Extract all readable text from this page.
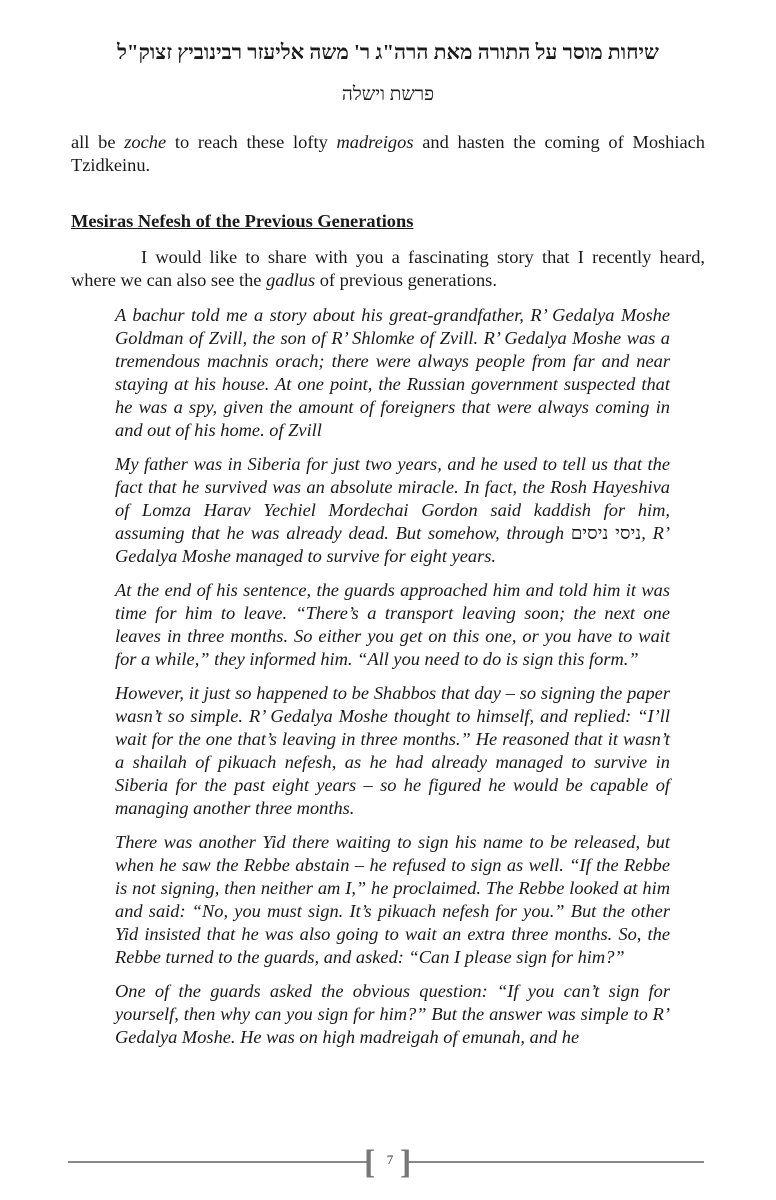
שיחות מוסר על התורה מאת הרה"ג ר' משה אליעזר רבינוביץ זצוק"ל
פרשת וישלה
all be zoche to reach these lofty madreigos and hasten the coming of Moshiach Tzidkeinu.
Mesiras Nefesh of the Previous Generations
I would like to share with you a fascinating story that I recently heard, where we can also see the gadlus of previous generations.

A bachur told me a story about his great-grandfather, R’ Gedalya Moshe Goldman of Zvill, the son of R’ Shlomke of Zvill. R’ Gedalya Moshe was a tremendous machnis orach; there were always people from far and near staying at his house. At one point, the Russian government suspected that he was a spy, given the amount of foreigners that were always coming in and out of his home. of Zvill

My father was in Siberia for just two years, and he used to tell us that the fact that he survived was an absolute miracle. In fact, the Rosh Hayeshiva of Lomza Harav Yechiel Mordechai Gordon said kaddish for him, assuming that he was already dead. But somehow, through ניסי ניסים, R’ Gedalya Moshe managed to survive for eight years.

At the end of his sentence, the guards approached him and told him it was time for him to leave. “There’s a transport leaving soon; the next one leaves in three months. So either you get on this one, or you have to wait for a while,” they informed him. “All you need to do is sign this form.”

However, it just so happened to be Shabbos that day – so signing the paper wasn’t so simple. R’ Gedalya Moshe thought to himself, and replied: “I’ll wait for the one that’s leaving in three months.” He reasoned that it wasn’t a shailah of pikuach nefesh, as he had already managed to survive in Siberia for the past eight years – so he figured he would be capable of managing another three months.

There was another Yid there waiting to sign his name to be released, but when he saw the Rebbe abstain – he refused to sign as well. “If the Rebbe is not signing, then neither am I,” he proclaimed. The Rebbe looked at him and said: “No, you must sign. It’s pikuach nefesh for you.” But the other Yid insisted that he was also going to wait an extra three months. So, the Rebbe turned to the guards, and asked: “Can I please sign for him?”

One of the guards asked the obvious question: “If you can’t sign for yourself, then why can you sign for him?” But the answer was simple to R’ Gedalya Moshe. He was on high madreigah of emunah, and he

[ ]
7
